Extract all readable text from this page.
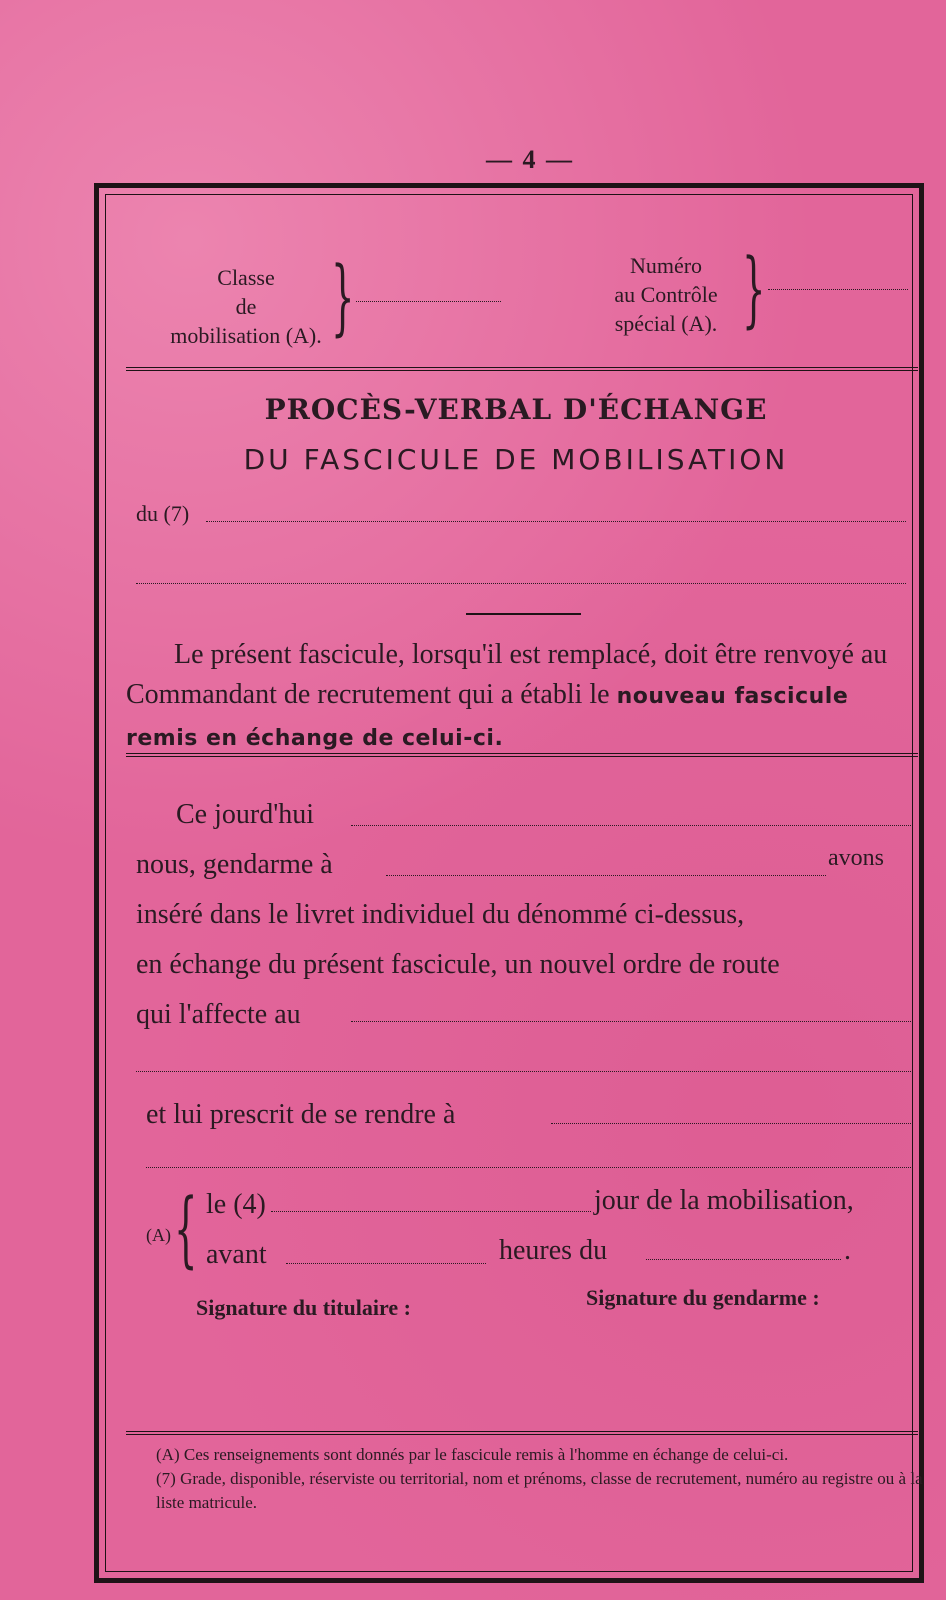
— 4 —
Classe
de
mobilisation (A). }	Numéro
au Contrôle
spécial (A). }
PROCÈS-VERBAL D'ÉCHANGE
DU FASCICULE DE MOBILISATION
du (7)
Le présent fascicule, lorsqu'il est remplacé, doit être renvoyé au Commandant de recrutement qui a établi le nouveau fascicule remis en échange de celui-ci.
Ce jourd'hui
nous, gendarme à	avons
inséré dans le livret individuel du dénommé ci-dessus,
en échange du présent fascicule, un nouvel ordre de route
qui l'affecte au
et lui prescrit de se rendre à
(A) { le (4)	jour de la mobilisation,
avant	heures du	.
Signature du titulaire :	Signature du gendarme :

(A) Ces renseignements sont donnés par le fascicule remis à l'homme en échange de celui-ci.

(7) Grade, disponible, réserviste ou territorial, nom et prénoms, classe de recrutement, numéro au registre ou à la liste matricule.
